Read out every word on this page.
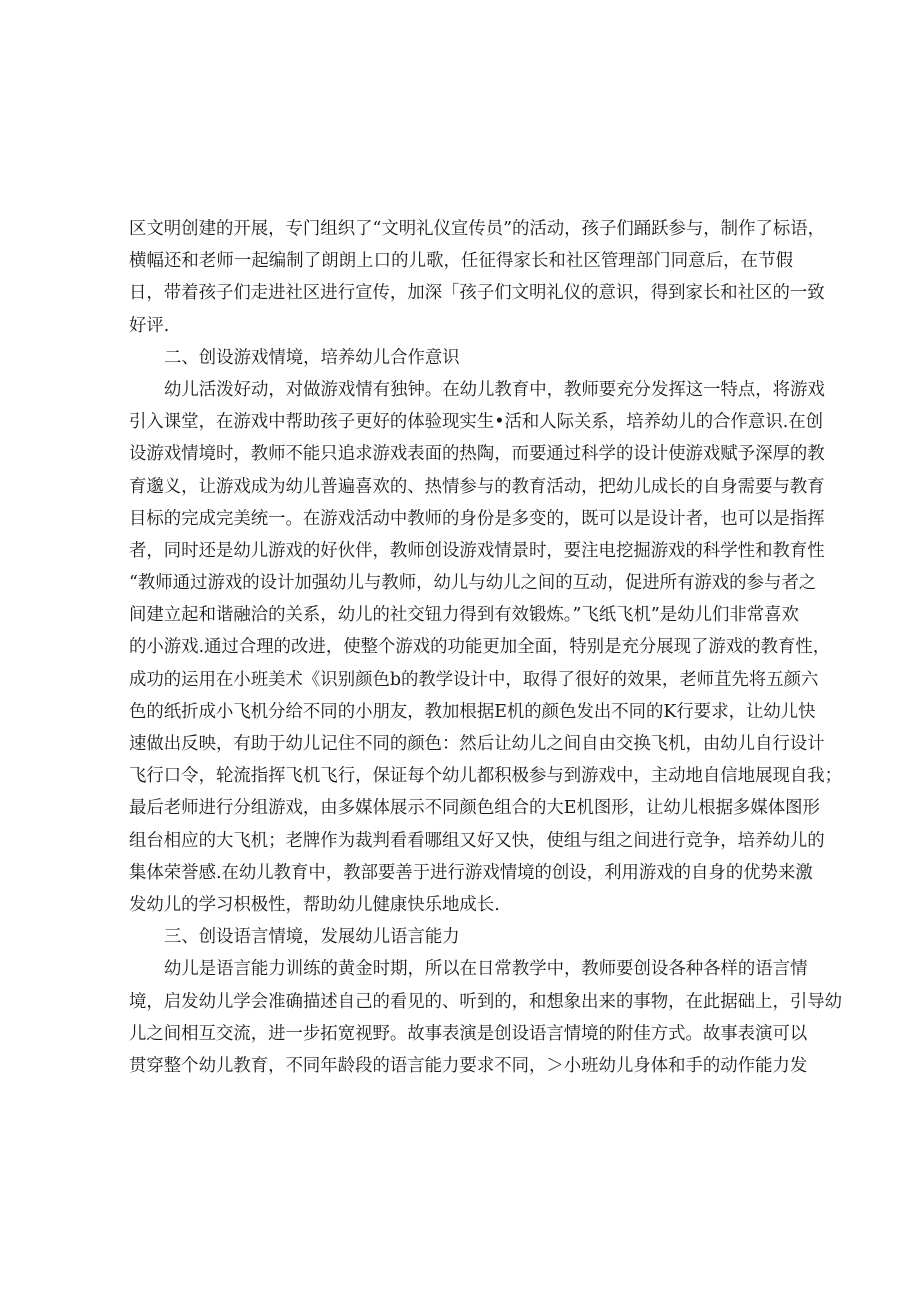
区文明创建的开展，专门组织了“文明礼仪宣传员”的活动，孩子们踊跃参与，制作了标语，
横幅还和老师一起编制了朗朗上口的儿歌，任征得家长和社区管理部门同意后，在节假
日，带着孩子们走进社区进行宣传，加深「孩子们文明礼仪的意识，得到家长和社区的一致
好评.
二、创设游戏情境，培养幼儿合作意识
幼儿活泼好动，对做游戏情有独钟。在幼儿教育中，教师要充分发挥这一特点，将游戏
引入课堂，在游戏中帮助孩子更好的体验现实生•活和人际关系，培养幼儿的合作意识.在创
设游戏情境时，教师不能只追求游戏表面的热陶，而要通过科学的设计使游戏赋予深厚的教
育邈义，让游戏成为幼儿普遍喜欢的、热情参与的教育活动，把幼儿成长的自身需要与教育
目标的完成完美统一。在游戏活动中教师的身份是多变的，既可以是设计者，也可以是指挥
者，同时还是幼儿游戏的好伙伴，教师创设游戏情景时，要注电挖掘游戏的科学性和教育性
“教师通过游戏的设计加强幼儿与教师，幼儿与幼儿之间的互动，促进所有游戏的参与者之
间建立起和谐融洽的关系，幼儿的社交钮力得到有效锻炼。”飞纸飞机”是幼儿们非常喜欢
的小游戏.通过合理的改进，使整个游戏的功能更加全面，特别是充分展现了游戏的教育性，
成功的运用在小班美术《识别颜色b的教学设计中，取得了很好的效果，老师苴先将五颜六
色的纸折成小飞机分给不同的小朋友，教加根据E机的颜色发出不同的K行要求，让幼儿快
速做出反映，有助于幼儿记住不同的颜色：然后让幼儿之间自由交换飞机，由幼儿自行设计
飞行口令，轮流指挥飞机飞行，保证每个幼儿都积极参与到游戏中，主动地自信地展现自我；
最后老师进行分组游戏，由多媒体展示不同颜色组合的大E机图形，让幼儿根据多媒体图形
组台相应的大飞机；老牌作为裁判看看哪组又好又快，使组与组之间进行竞争，培养幼儿的
集体荣誉感.在幼儿教育中，教部要善于进行游戏情境的创设，利用游戏的自身的优势来激
发幼儿的学习枳极性，帮助幼儿健康快乐地成长.
三、创设语言情境，发展幼儿语言能力
幼儿是语言能力训练的黄金时期，所以在日常教学中，教师要创设各种各样的语言情
境，启发幼儿学会准确描述自己的看见的、听到的，和想象出来的事物，在此据础上，引导幼
儿之间相互交流，进一步拓宽视野。故事表演是创设语言情境的附佳方式。故事表演可以
贯穿整个幼儿教育，不同年龄段的语言能力要求不同，＞小班幼儿身体和手的动作能力发
